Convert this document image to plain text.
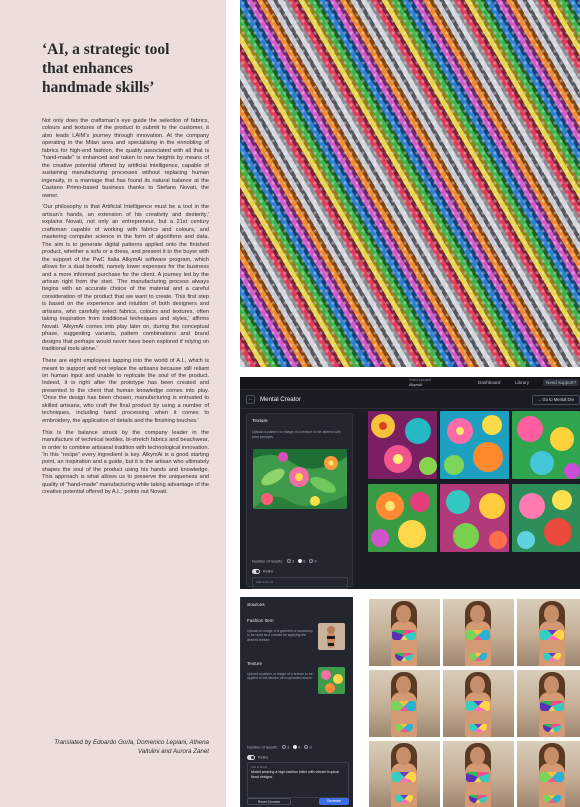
‘AI, a strategic tool
that enhances
handmade skills’

Not only does the craftsman’s eye guide the selection of fabrics, colours and textures of the product to submit to the customer, it also leads LAIM’s journey through innovation. At the company operating in the Milan area and specialising in the ennobling of fabrics for high-end fashion, the quality associated with all that is “hand-made” is enhanced and taken to new heights by means of the creative potential offered by artificial intelligence, capable of sustaining manufacturing processes without replacing human ingenuity, in a marriage that has found its natural balance at the Castano Primo-based business thanks to Stefano Novati, the owner.

‘Our philosophy is that Artificial Intelligence must be a tool in the artisan’s hands, an extension of his creativity and dexterity,’ explains Novati, not only an entrepreneur, but a 21st century craftsman capable of working with fabrics and colours, and mastering computer science in the form of algorithms and data. The aim is to generate digital patterns applied onto the finished product, whether a sofa or a dress, and present it to the buyer with the support of the PwC Italia AlkymAi software program, which allows for a dual benefit, namely lower expenses for the business and a more informed purchase for the client. A journey led by the artisan right from the start. ‘The manufacturing process always begins with an accurate choice of the material and a careful consideration of the product that we want to create. This first step is based on the experience and intuition of both designers and artisans, who carefully select fabrics, colours and textures, often taking inspiration from traditional techniques and styles,’ affirms Novati. ‘AlkymAi comes into play later on, during the conceptual phase, suggesting variants, pattern combinations and brand designs that perhaps would never have been explored if relying on traditional tools alone.’

There are eight employees tapping into the world of A.I., which is meant to support and not replace the artisans because still reliant on human input and unable to replicate the soul of the product. Indeed, it is right after the prototype has been created and presented to the client that human knowledge comes into play. ‘Once the design has been chosen, manufacturing is entrusted to skilled artisans, who craft the final product by using a number of techniques, including hand processing when it comes to embroidery, the application of details and the finishing touches.’

This is the balance struck by the company leader in the manufacture of technical textiles, bi-stretch fabrics and beachwear, in order to combine artisanal tradition with technological innovation. ‘In this “recipe” every ingredient is key. AlkymAi is a good starting point, an inspiration and a guide, but it is the artisan who ultimately shapes the soul of the product using his hands and knowledge. This approach is what allows us to preserve the uniqueness and quality of “hand-made” manufacturing while taking advantage of the creative potential offered by A.I.,’ points out Novati.

Translated by Edoardo Gorla, Domenico Lepiani, Athena Valtulini and Aurora Zanet
Select a project
AlkymAi	Dashboard	Library	Need support?
←	Mental Creator	→ Go to Mental Dre
Texture
Upload a pattern or image of a texture to be altered with your prompts.
Number of results: 3 6 9
Refine
Add to the AI
Sources
Fashion Item
Upload an image of a garment or accessory to be used as a canvas for applying the desired texture.
Texture
Upload a pattern or image of a texture to be applied to the fashion item uploaded above.
Number of results: 3 6 9
Refine
Add to the AI
Model wearing a high-fashion bikini with vibrant tropical floral designs.
Reset Sources	Generate
